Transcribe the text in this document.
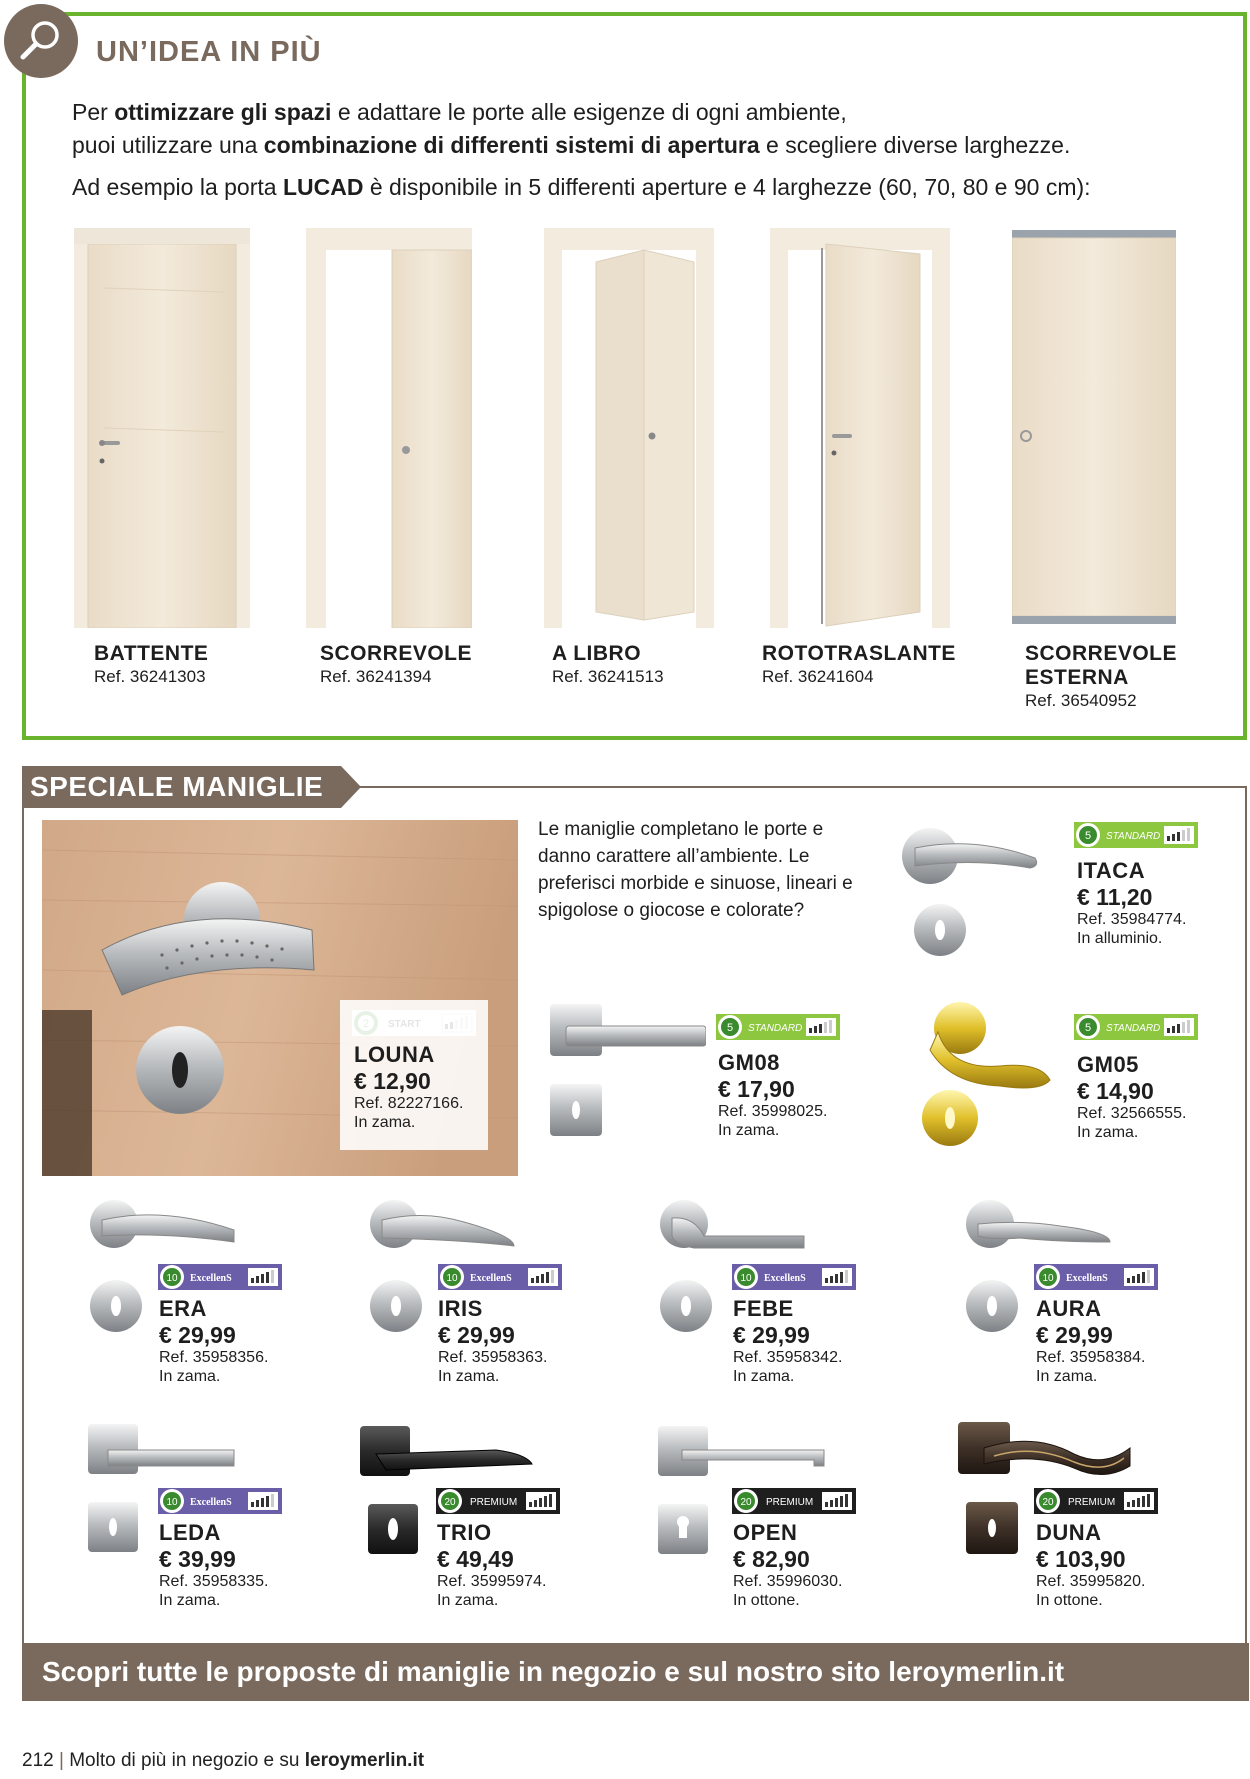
UN’IDEA IN PIÙ
Per ottimizzare gli spazi e adattare le porte alle esigenze di ogni ambiente,
puoi utilizzare una combinazione di differenti sistemi di apertura e scegliere diverse larghezze.
Ad esempio la porta LUCAD è disponibile in 5 differenti aperture e 4 larghezze (60, 70, 80 e 90 cm):
BATTENTE
Ref. 36241303
SCORREVOLE
Ref. 36241394
A LIBRO
Ref. 36241513
ROTOTRASLANTE
Ref. 36241604
SCORREVOLE
ESTERNA
Ref. 36540952
SPECIALE MANIGLIE
Le maniglie completano le porte e danno carattere all’ambiente. Le preferisci morbide e sinuose, lineari e spigolose o giocose e colorate?
5 STANDARD
5 STANDARD	5 STANDARD
10 ExcellenS	10 ExcellenS	10 ExcellenS	10 ExcellenS
10 ExcellenS	20 PREMIUM	20 PREMIUM	20 PREMIUM
ITACA
€ 11,20
Ref. 35984774.
In alluminio.
LOUNA
€ 12,90
Ref. 82227166.
In zama.
GM08
€ 17,90
Ref. 35998025.
In zama.
GM05
€ 14,90
Ref. 32566555.
In zama.
ERA
€ 29,99
Ref. 35958356.
In zama.
IRIS
€ 29,99
Ref. 35958363.
In zama.
FEBE
€ 29,99
Ref. 35958342.
In zama.
AURA
€ 29,99
Ref. 35958384.
In zama.
LEDA
€ 39,99
Ref. 35958335.
In zama.
TRIO
€ 49,49
Ref. 35995974.
In zama.
OPEN
€ 82,90
Ref. 35996030.
In ottone.
DUNA
€ 103,90
Ref. 35995820.
In ottone.
Scopri tutte le proposte di maniglie in negozio e sul nostro sito leroymerlin.it
212 | Molto di più in negozio e su leroymerlin.it
